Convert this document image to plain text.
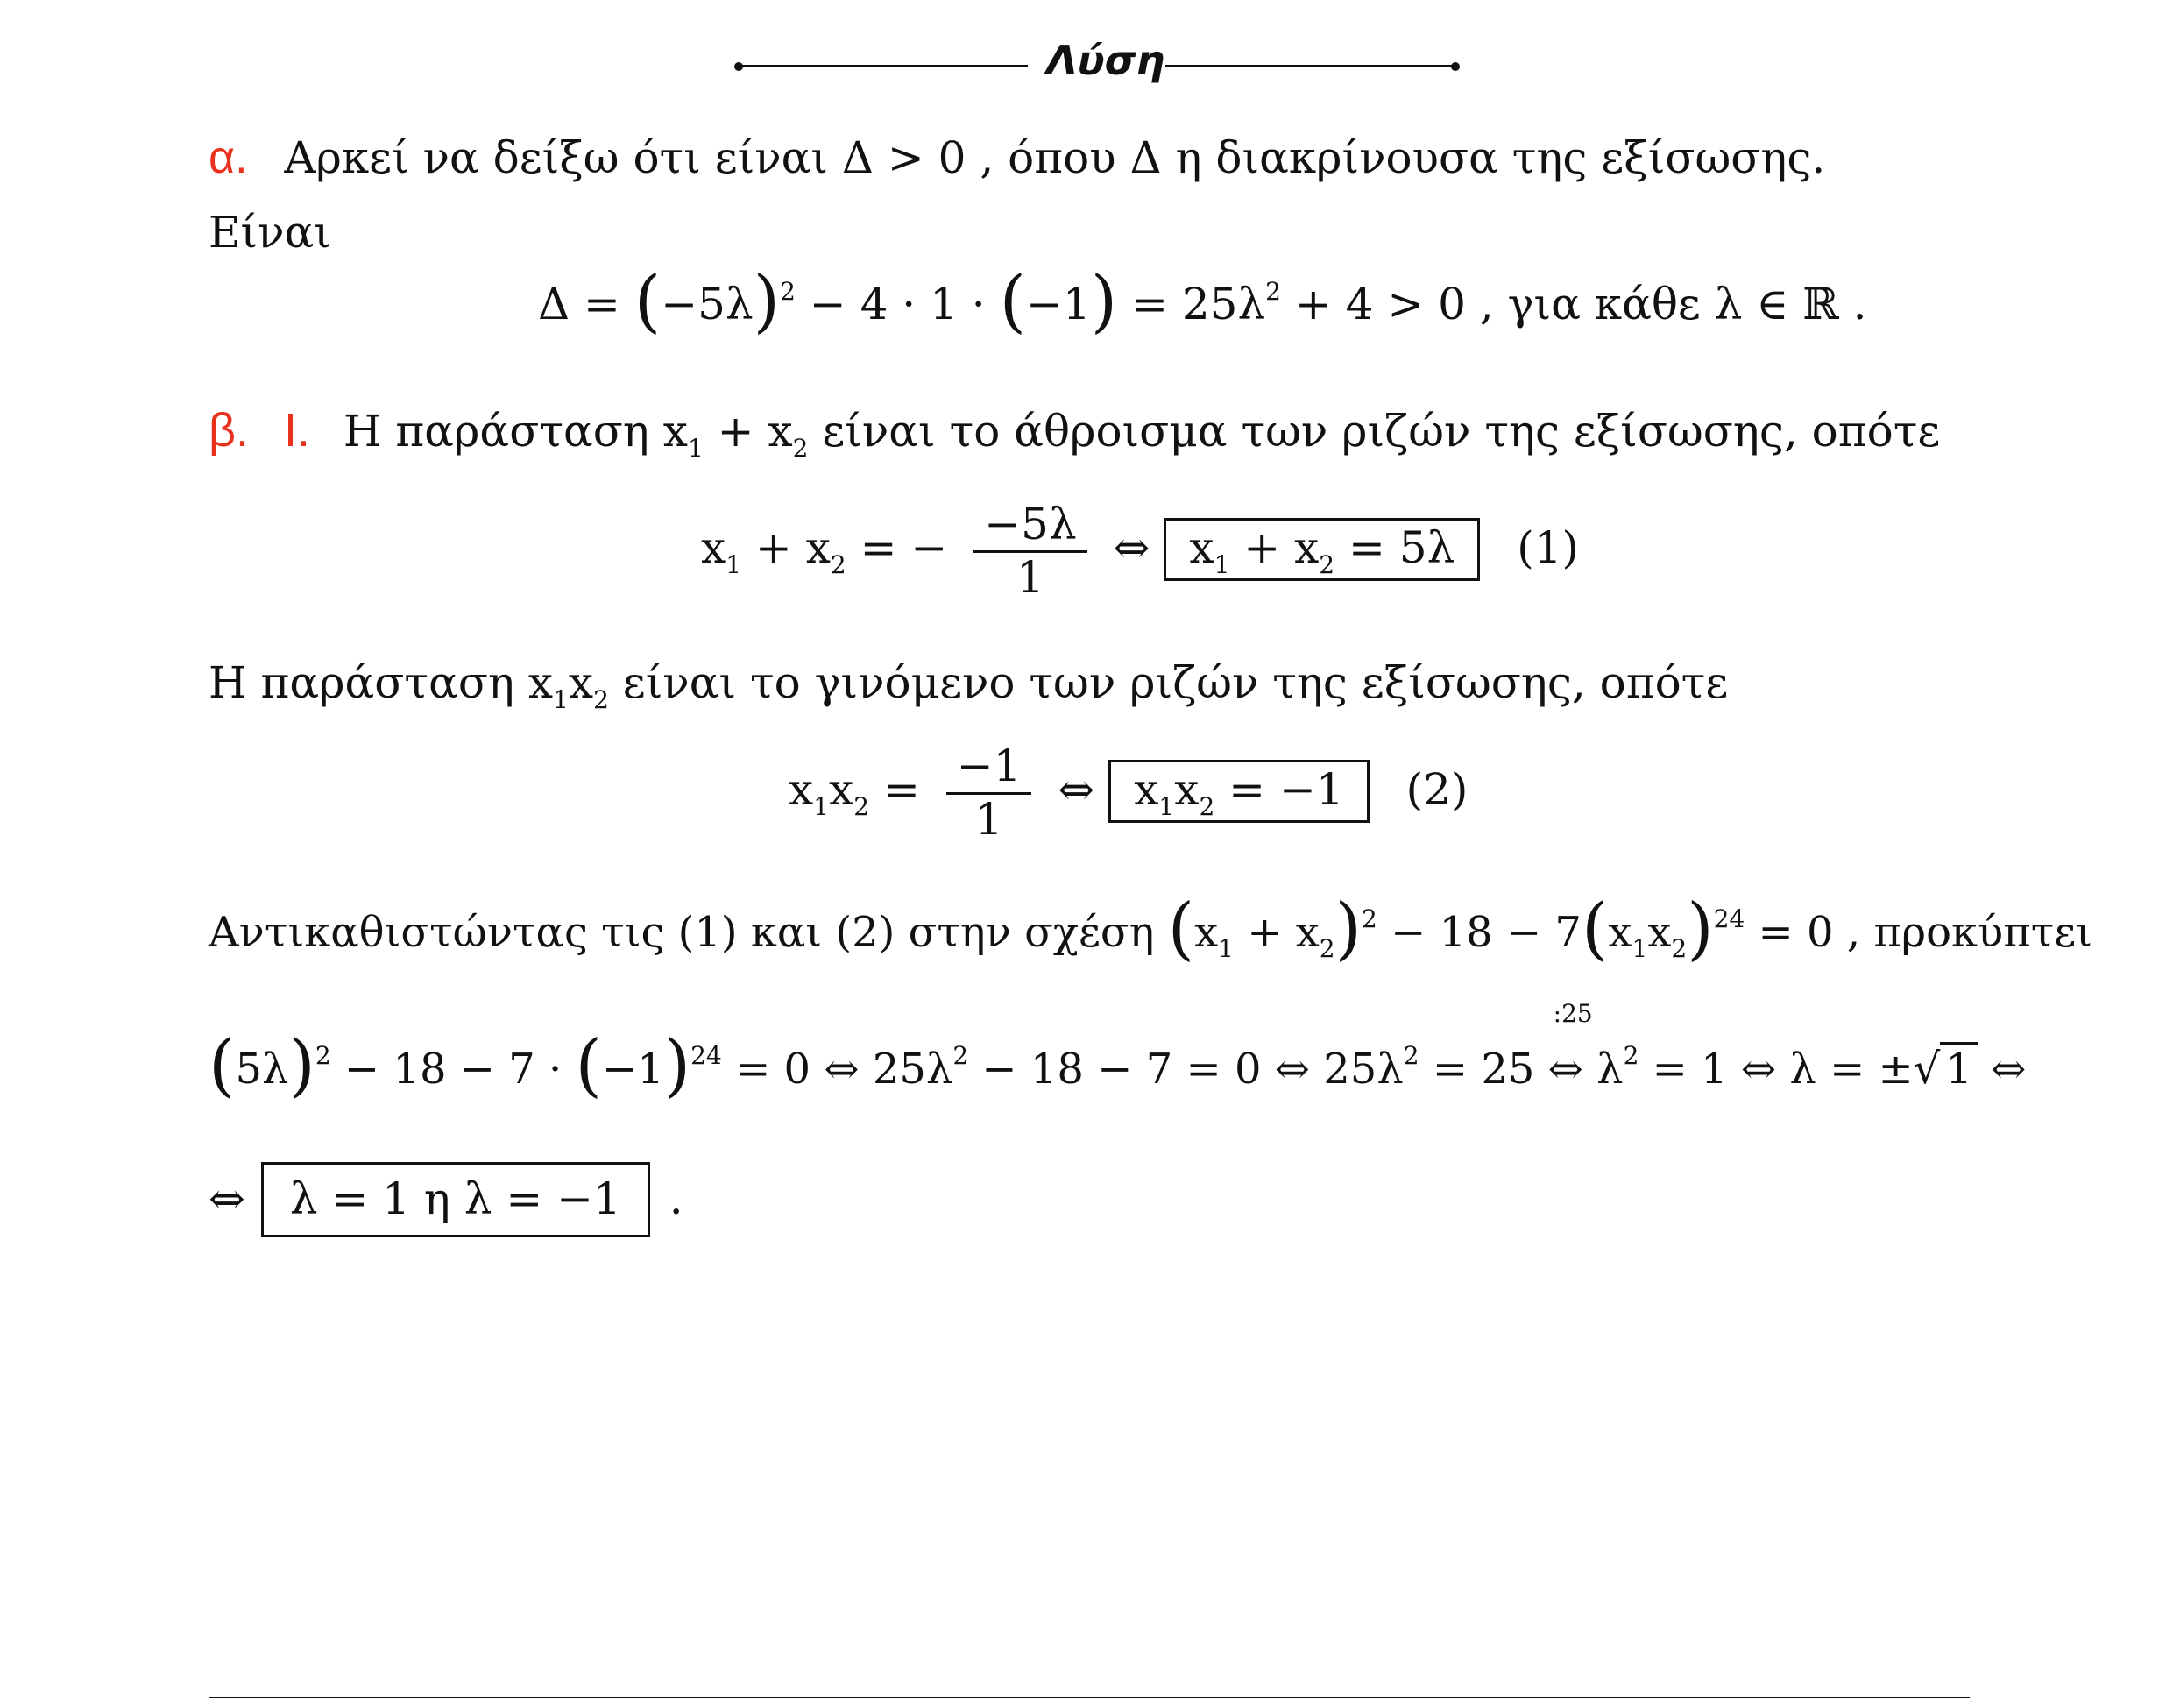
Λύση
α. Αρκεί να δείξω ότι είναι Δ > 0 , όπου Δ η διακρίνουσα της εξίσωσης.
Είναι
$\Delta = (-5\lambda)^2 - 4 \cdot 1 \cdot (-1) = 25\lambda^2 + 4 > 0$ , για κάθε λ ∈ ℝ .
β. I. Η παράσταση $x_1 + x_2$ είναι το άθροισμα των ριζών της εξίσωσης, οπότε
$x_1 + x_2$ = − $\frac{-5\lambda}{1}$ ⇔ $x_1 + x_2 = 5\lambda$ (1)
Η παράσταση $x_1x_2$ είναι το γινόμενο των ριζών της εξίσωσης, οπότε
$x_1x_2 = \frac{-1}{1}$ ⇔ $x_1x_2 = -1$ (2)
Αντικαθιστώντας τις (1) και (2) στην σχέση $(x_1 + x_2)^2 - 18 - 7(x_1x_2)^{24} = 0$ , προκύπτει
$(5\lambda)^2 - 18 - 7 \cdot (-1)^{24} = 0$ ⇔ $25\lambda^2 - 18 - 7 = 0$ ⇔ $25\lambda^2 = 25$
:25
⇔ $\lambda^2 = 1$ ⇔ λ = ±√ 1 ⇔
⇔ λ = 1 η λ = −1 .
